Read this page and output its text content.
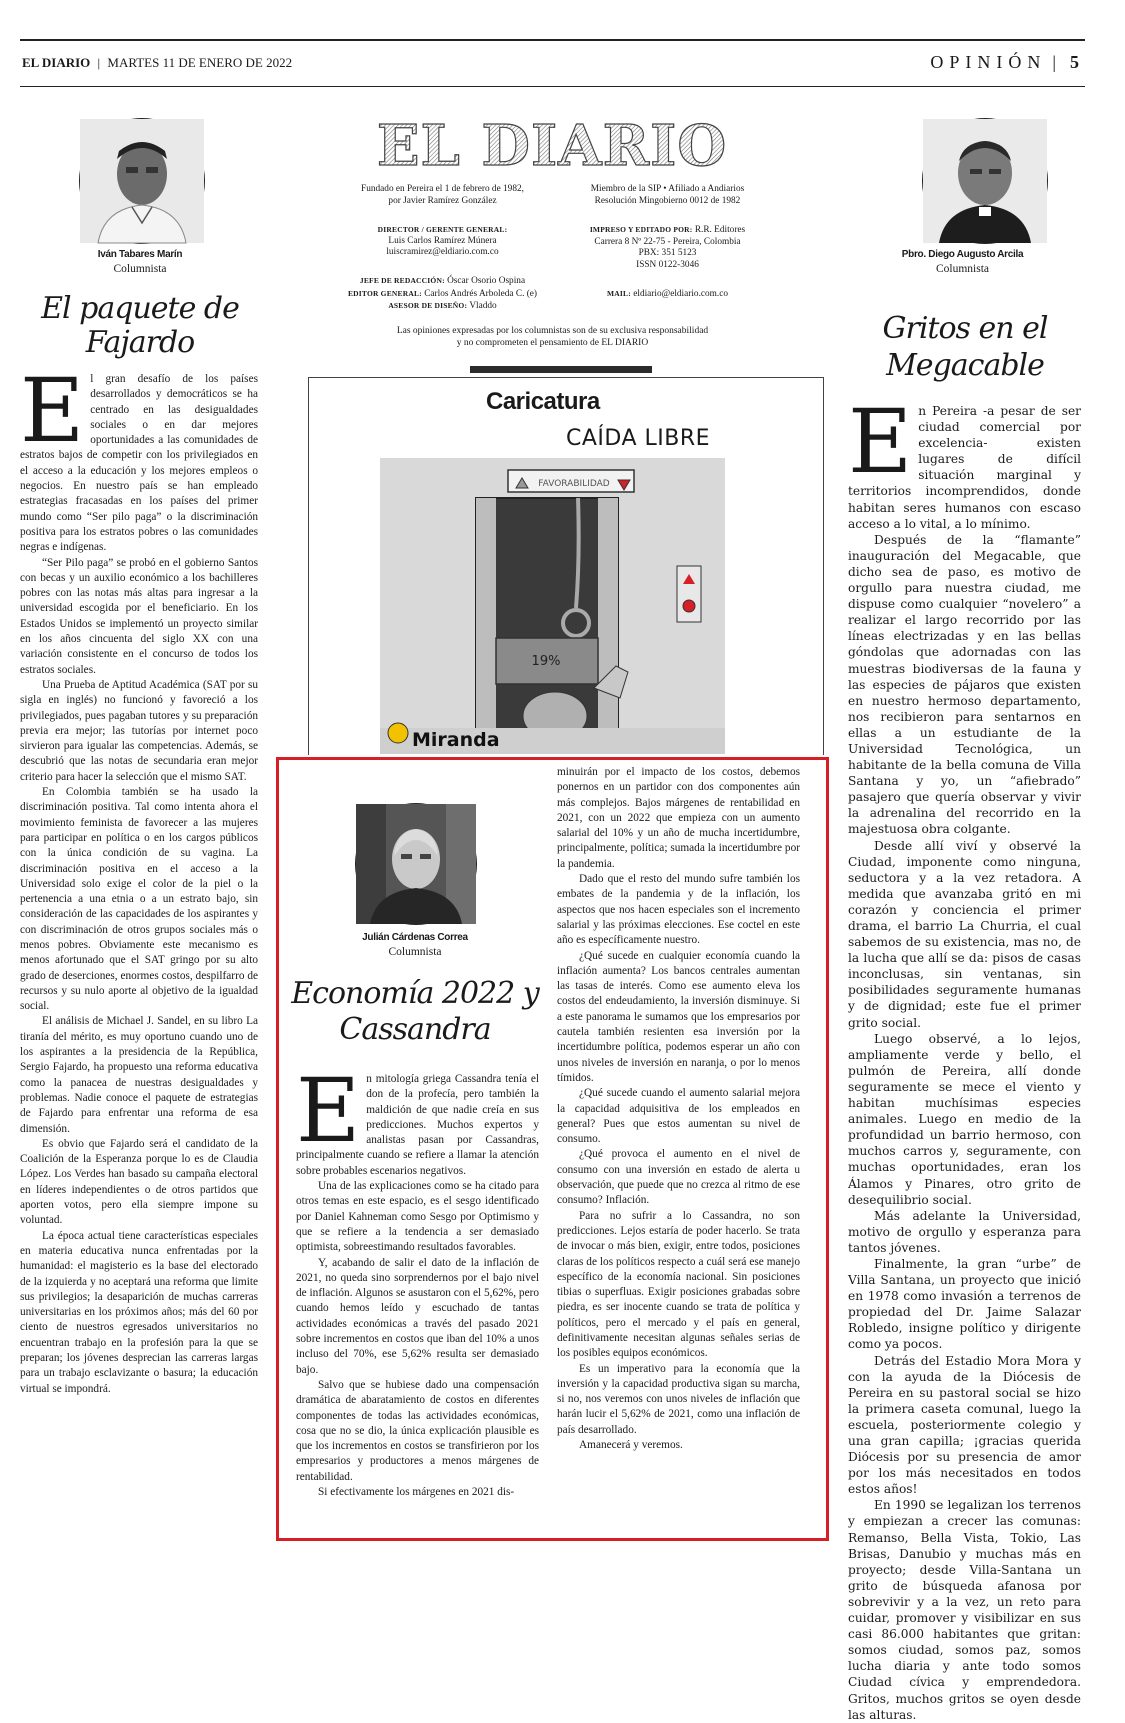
EL DIARIO | MARTES 11 DE ENERO DE 2022	OPINIÓN | 5
Iván Tabares Marín
Columnista
El paquete de
Fajardo

El gran desafío de los países desarrollados y democráticos se ha centrado en las desigualdades sociales o en dar mejores oportunidades a las comunidades de estratos bajos de competir con los privilegiados en el acceso a la educación y los mejores empleos o negocios. En nuestro país se han empleado estrategias fracasadas en los países del primer mundo como “Ser pilo paga” o la discriminación positiva para los estratos pobres o las comunidades negras e indígenas.

“Ser Pilo paga” se probó en el gobierno Santos con becas y un auxilio económico a los bachilleres pobres con las notas más altas para ingresar a la universidad escogida por el beneficiario. En los Estados Unidos se implementó un proyecto similar en los años cincuenta del siglo XX con una variación consistente en el concurso de todos los estratos sociales.

Una Prueba de Aptitud Académica (SAT por su sigla en inglés) no funcionó y favoreció a los privilegiados, pues pagaban tutores y su preparación previa era mejor; las tutorías por internet poco sirvieron para igualar las competencias. Además, se descubrió que las notas de secundaria eran mejor criterio para hacer la selección que el mismo SAT.

En Colombia también se ha usado la discriminación positiva. Tal como intenta ahora el movimiento feminista de favorecer a las mujeres para participar en política o en los cargos públicos con la única condición de su vagina. La discriminación positiva en el acceso a la Universidad solo exige el color de la piel o la pertenencia a una etnia o a un estrato bajo, sin consideración de las capacidades de los aspirantes y con discriminación de otros grupos sociales más o menos pobres. Obviamente este mecanismo es menos afortunado que el SAT gringo por su alto grado de deserciones, enormes costos, despilfarro de recursos y su nulo aporte al objetivo de la igualdad social.

El análisis de Michael J. Sandel, en su libro La tiranía del mérito, es muy oportuno cuando uno de los aspirantes a la presidencia de la República, Sergio Fajardo, ha propuesto una reforma educativa como la panacea de nuestras desigualdades y problemas. Nadie conoce el paquete de estrategias de Fajardo para enfrentar una reforma de esa dimensión.

Es obvio que Fajardo será el candidato de la Coalición de la Esperanza porque lo es de Claudia López. Los Verdes han basado su campaña electoral en líderes independientes o de otros partidos que aporten votos, pero ella siempre impone su voluntad.

La época actual tiene características especiales en materia educativa nunca enfrentadas por la humanidad: el magisterio es la base del electorado de la izquierda y no aceptará una reforma que limite sus privilegios; la desaparición de muchas carreras universitarias en los próximos años; más del 60 por ciento de nuestros egresados universitarios no encuentran trabajo en la profesión para la que se preparan; los jóvenes desprecian las carreras largas para un trabajo esclavizante o basura; la educación virtual se impondrá.

EL DIARIO
Fundado en Pereira el 1 de febrero de 1982,
por Javier Ramírez González
Miembro de la SIP • Afiliado a Andiarios
Resolución Mingobierno 0012 de 1982
DIRECTOR / GERENTE GENERAL:
Luis Carlos Ramírez Múnera
luiscramirez@eldiario.com.co
IMPRESO Y EDITADO POR: R.R. Editores
Carrera 8 Nº 22-75 - Pereira, Colombia
PBX: 351 5123
ISSN 0122-3046
JEFE DE REDACCIÓN: Óscar Osorio Ospina
EDITOR GENERAL: Carlos Andrés Arboleda C. (e)
ASESOR DE DISEÑO: Vladdo
MAIL: eldiario@eldiario.com.co
Las opiniones expresadas por los columnistas son de su exclusiva responsabilidad
y no comprometen el pensamiento de EL DIARIO
Caricatura
CAÍDA LIBRE
FAVORABILIDAD
19%
Miranda
Julián Cárdenas Correa
Columnista
Economía 2022 y
Cassandra

En mitología griega Cassandra tenía el don de la profecía, pero también la maldición de que nadie creía en sus predicciones. Muchos expertos y analistas pasan por Cassandras, principalmente cuando se refiere a llamar la atención sobre probables escenarios negativos.

Una de las explicaciones como se ha citado para otros temas en este espacio, es el sesgo identificado por Daniel Kahneman como Sesgo por Optimismo y que se refiere a la tendencia a ser demasiado optimista, sobreestimando resultados favorables.

Y, acabando de salir el dato de la inflación de 2021, no queda sino sorprendernos por el bajo nivel de inflación. Algunos se asustaron con el 5,62%, pero cuando hemos leído y escuchado de tantas actividades económicas a través del pasado 2021 sobre incrementos en costos que iban del 10% a unos incluso del 70%, ese 5,62% resulta ser demasiado bajo.

Salvo que se hubiese dado una compensación dramática de abaratamiento de costos en diferentes componentes de todas las actividades económicas, cosa que no se dio, la única explicación plausible es que los incrementos en costos se transfirieron por los empresarios y productores a menos márgenes de rentabilidad.

Si efectivamente los márgenes en 2021 dis-

minuirán por el impacto de los costos, debemos ponernos en un partidor con dos componentes aún más complejos. Bajos márgenes de rentabilidad en 2021, con un 2022 que empieza con un aumento salarial del 10% y un año de mucha incertidumbre, principalmente, política; sumada la incertidumbre por la pandemia.

Dado que el resto del mundo sufre también los embates de la pandemia y de la inflación, los aspectos que nos hacen especiales son el incremento salarial y las próximas elecciones. Ese coctel en este año es específicamente nuestro.

¿Qué sucede en cualquier economía cuando la inflación aumenta? Los bancos centrales aumentan las tasas de interés. Como ese aumento eleva los costos del endeudamiento, la inversión disminuye. Si a este panorama le sumamos que los empresarios por cautela también resienten esa inversión por la incertidumbre política, podemos esperar un año con unos niveles de inversión en naranja, o por lo menos tímidos.

¿Qué sucede cuando el aumento salarial mejora la capacidad adquisitiva de los empleados en general? Pues que estos aumentan su nivel de consumo.

¿Qué provoca el aumento en el nivel de consumo con una inversión en estado de alerta u observación, que puede que no crezca al ritmo de ese consumo? Inflación.

Para no sufrir a lo Cassandra, no son predicciones. Lejos estaría de poder hacerlo. Se trata de invocar o más bien, exigir, entre todos, posiciones claras de los políticos respecto a cuál será ese manejo específico de la economía nacional. Sin posiciones tibias o superfluas. Exigir posiciones grabadas sobre piedra, es ser inocente cuando se trata de política y políticos, pero el mercado y el país en general, definitivamente necesitan algunas señales serias de los posibles equipos económicos.

Es un imperativo para la economía que la inversión y la capacidad productiva sigan su marcha, si no, nos veremos con unos niveles de inflación que harán lucir el 5,62% de 2021, como una inflación de país desarrollado.

Amanecerá y veremos.

Pbro. Diego Augusto Arcila
Columnista
Gritos en el
Megacable

En Pereira -a pesar de ser ciudad comercial por excelencia- existen lugares de difícil situación marginal y territorios incomprendidos, donde habitan seres humanos con escaso acceso a lo vital, a lo mínimo.

Después de la “flamante” inauguración del Megacable, que dicho sea de paso, es motivo de orgullo para nuestra ciudad, me dispuse como cualquier “novelero” a realizar el largo recorrido por las líneas electrizadas y en las bellas góndolas que adornadas con las muestras biodiversas de la fauna y las especies de pájaros que existen en nuestro hermoso departamento, nos recibieron para sentarnos en ellas a un estudiante de la Universidad Tecnológica, un habitante de la bella comuna de Villa Santana y yo, un “afiebrado” pasajero que quería observar y vivir la adrenalina del recorrido en la majestuosa obra colgante.

Desde allí viví y observé la Ciudad, imponente como ninguna, seductora y a la vez retadora. A medida que avanzaba gritó en mi corazón y conciencia el primer drama, el barrio La Churria, el cual sabemos de su existencia, mas no, de la lucha que allí se da: pisos de casas inconclusas, sin ventanas, sin posibilidades seguramente humanas y de dignidad; este fue el primer grito social.

Luego observé, a lo lejos, ampliamente verde y bello, el pulmón de Pereira, allí donde seguramente se mece el viento y habitan muchísimas especies animales. Luego en medio de la profundidad un barrio hermoso, con muchos carros y, seguramente, con muchas oportunidades, eran los Álamos y Pinares, otro grito de desequilibrio social.

Más adelante la Universidad, motivo de orgullo y esperanza para tantos jóvenes.

Finalmente, la gran “urbe” de Villa Santana, un proyecto que inició en 1978 como invasión a terrenos de propiedad del Dr. Jaime Salazar Robledo, insigne político y dirigente como ya pocos.

Detrás del Estadio Mora Mora y con la ayuda de la Diócesis de Pereira en su pastoral social se hizo la primera caseta comunal, luego la escuela, posteriormente colegio y una gran capilla; ¡gracias querida Diócesis por su presencia de amor por los más necesitados en todos estos años!

En 1990 se legalizan los terrenos y empiezan a crecer las comunas: Remanso, Bella Vista, Tokio, Las Brisas, Danubio y muchas más en proyecto; desde Villa-Santana un grito de búsqueda afanosa por sobrevivir y a la vez, un reto para cuidar, promover y visibilizar en sus casi 86.000 habitantes que gritan: somos ciudad, somos paz, somos lucha diaria y ante todo somos Ciudad cívica y emprendedora. Gritos, muchos gritos se oyen desde las alturas.
